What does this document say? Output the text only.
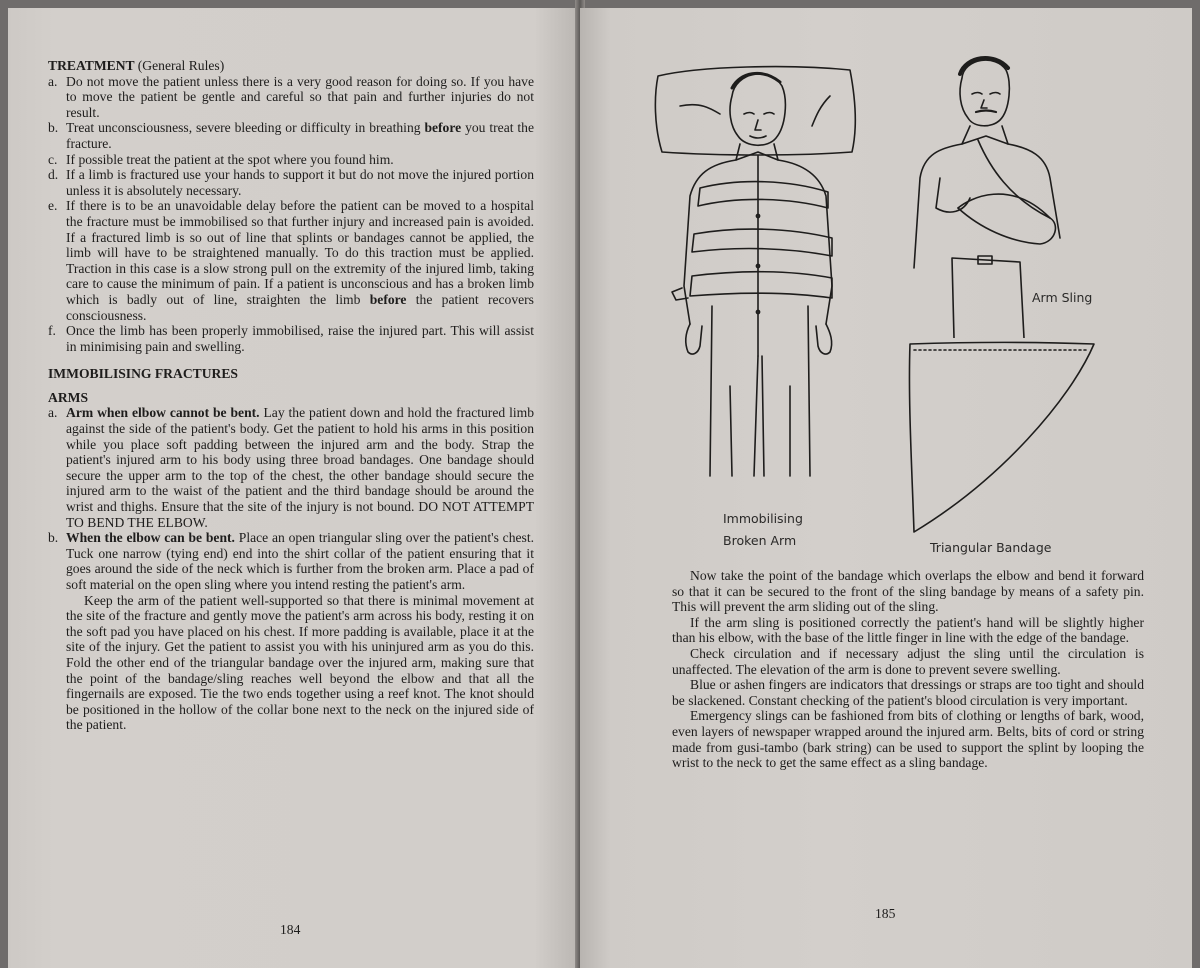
TREATMENT (General Rules)
a. Do not move the patient unless there is a very good reason for doing so. If you have to move the patient be gentle and careful so that pain and further injuries do not result.
b. Treat unconsciousness, severe bleeding or difficulty in breathing before you treat the fracture.
c. If possible treat the patient at the spot where you found him.
d. If a limb is fractured use your hands to support it but do not move the injured portion unless it is absolutely necessary.
e. If there is to be an unavoidable delay before the patient can be moved to a hospital the fracture must be immobilised so that further injury and increased pain is avoided. If a fractured limb is so out of line that splints or bandages cannot be applied, the limb will have to be straightened manually. To do this traction must be applied. Traction in this case is a slow strong pull on the extremity of the injured limb, taking care to cause the minimum of pain. If a patient is unconscious and has a broken limb which is badly out of line, straighten the limb before the patient recovers consciousness.
f. Once the limb has been properly immobilised, raise the injured part. This will assist in minimising pain and swelling.
IMMOBILISING FRACTURES
ARMS
a. Arm when elbow cannot be bent. Lay the patient down and hold the fractured limb against the side of the patient's body. Get the patient to hold his arms in this position while you place soft padding between the injured arm and the body. Strap the patient's injured arm to his body using three broad bandages. One bandage should secure the upper arm to the top of the chest, the other bandage should secure the injured arm to the waist of the patient and the third bandage should be around the wrist and thighs. Ensure that the site of the injury is not bound. DO NOT ATTEMPT TO BEND THE ELBOW.
b. When the elbow can be bent. Place an open triangular sling over the patient's chest. Tuck one narrow (tying end) end into the shirt collar of the patient ensuring that it goes around the side of the neck which is further from the broken arm. Place a pad of soft material on the open sling where you intend resting the patient's arm.
Keep the arm of the patient well-supported so that there is minimal movement at the site of the fracture and gently move the patient's arm across his body, resting it on the soft pad you have placed on his chest. If more padding is available, place it at the site of the injury. Get the patient to assist you with his uninjured arm as you do this. Fold the other end of the triangular bandage over the injured arm, making sure that the point of the bandage/sling reaches well beyond the elbow and that all the fingernails are exposed. Tie the two ends together using a reef knot. The knot should be positioned in the hollow of the collar bone next to the neck on the injured side of the patient.
184
Immobilising
Broken Arm
Arm Sling
Triangular Bandage
Now take the point of the bandage which overlaps the elbow and bend it forward so that it can be secured to the front of the sling bandage by means of a safety pin. This will prevent the arm sliding out of the sling.
If the arm sling is positioned correctly the patient's hand will be slightly higher than his elbow, with the base of the little finger in line with the edge of the bandage.
Check circulation and if necessary adjust the sling until the circulation is unaffected. The elevation of the arm is done to prevent severe swelling.
Blue or ashen fingers are indicators that dressings or straps are too tight and should be slackened. Constant checking of the patient's blood circulation is very important.
Emergency slings can be fashioned from bits of clothing or lengths of bark, wood, even layers of newspaper wrapped around the injured arm. Belts, bits of cord or string made from gusi-tambo (bark string) can be used to support the splint by looping the wrist to the neck to get the same effect as a sling bandage.
185
